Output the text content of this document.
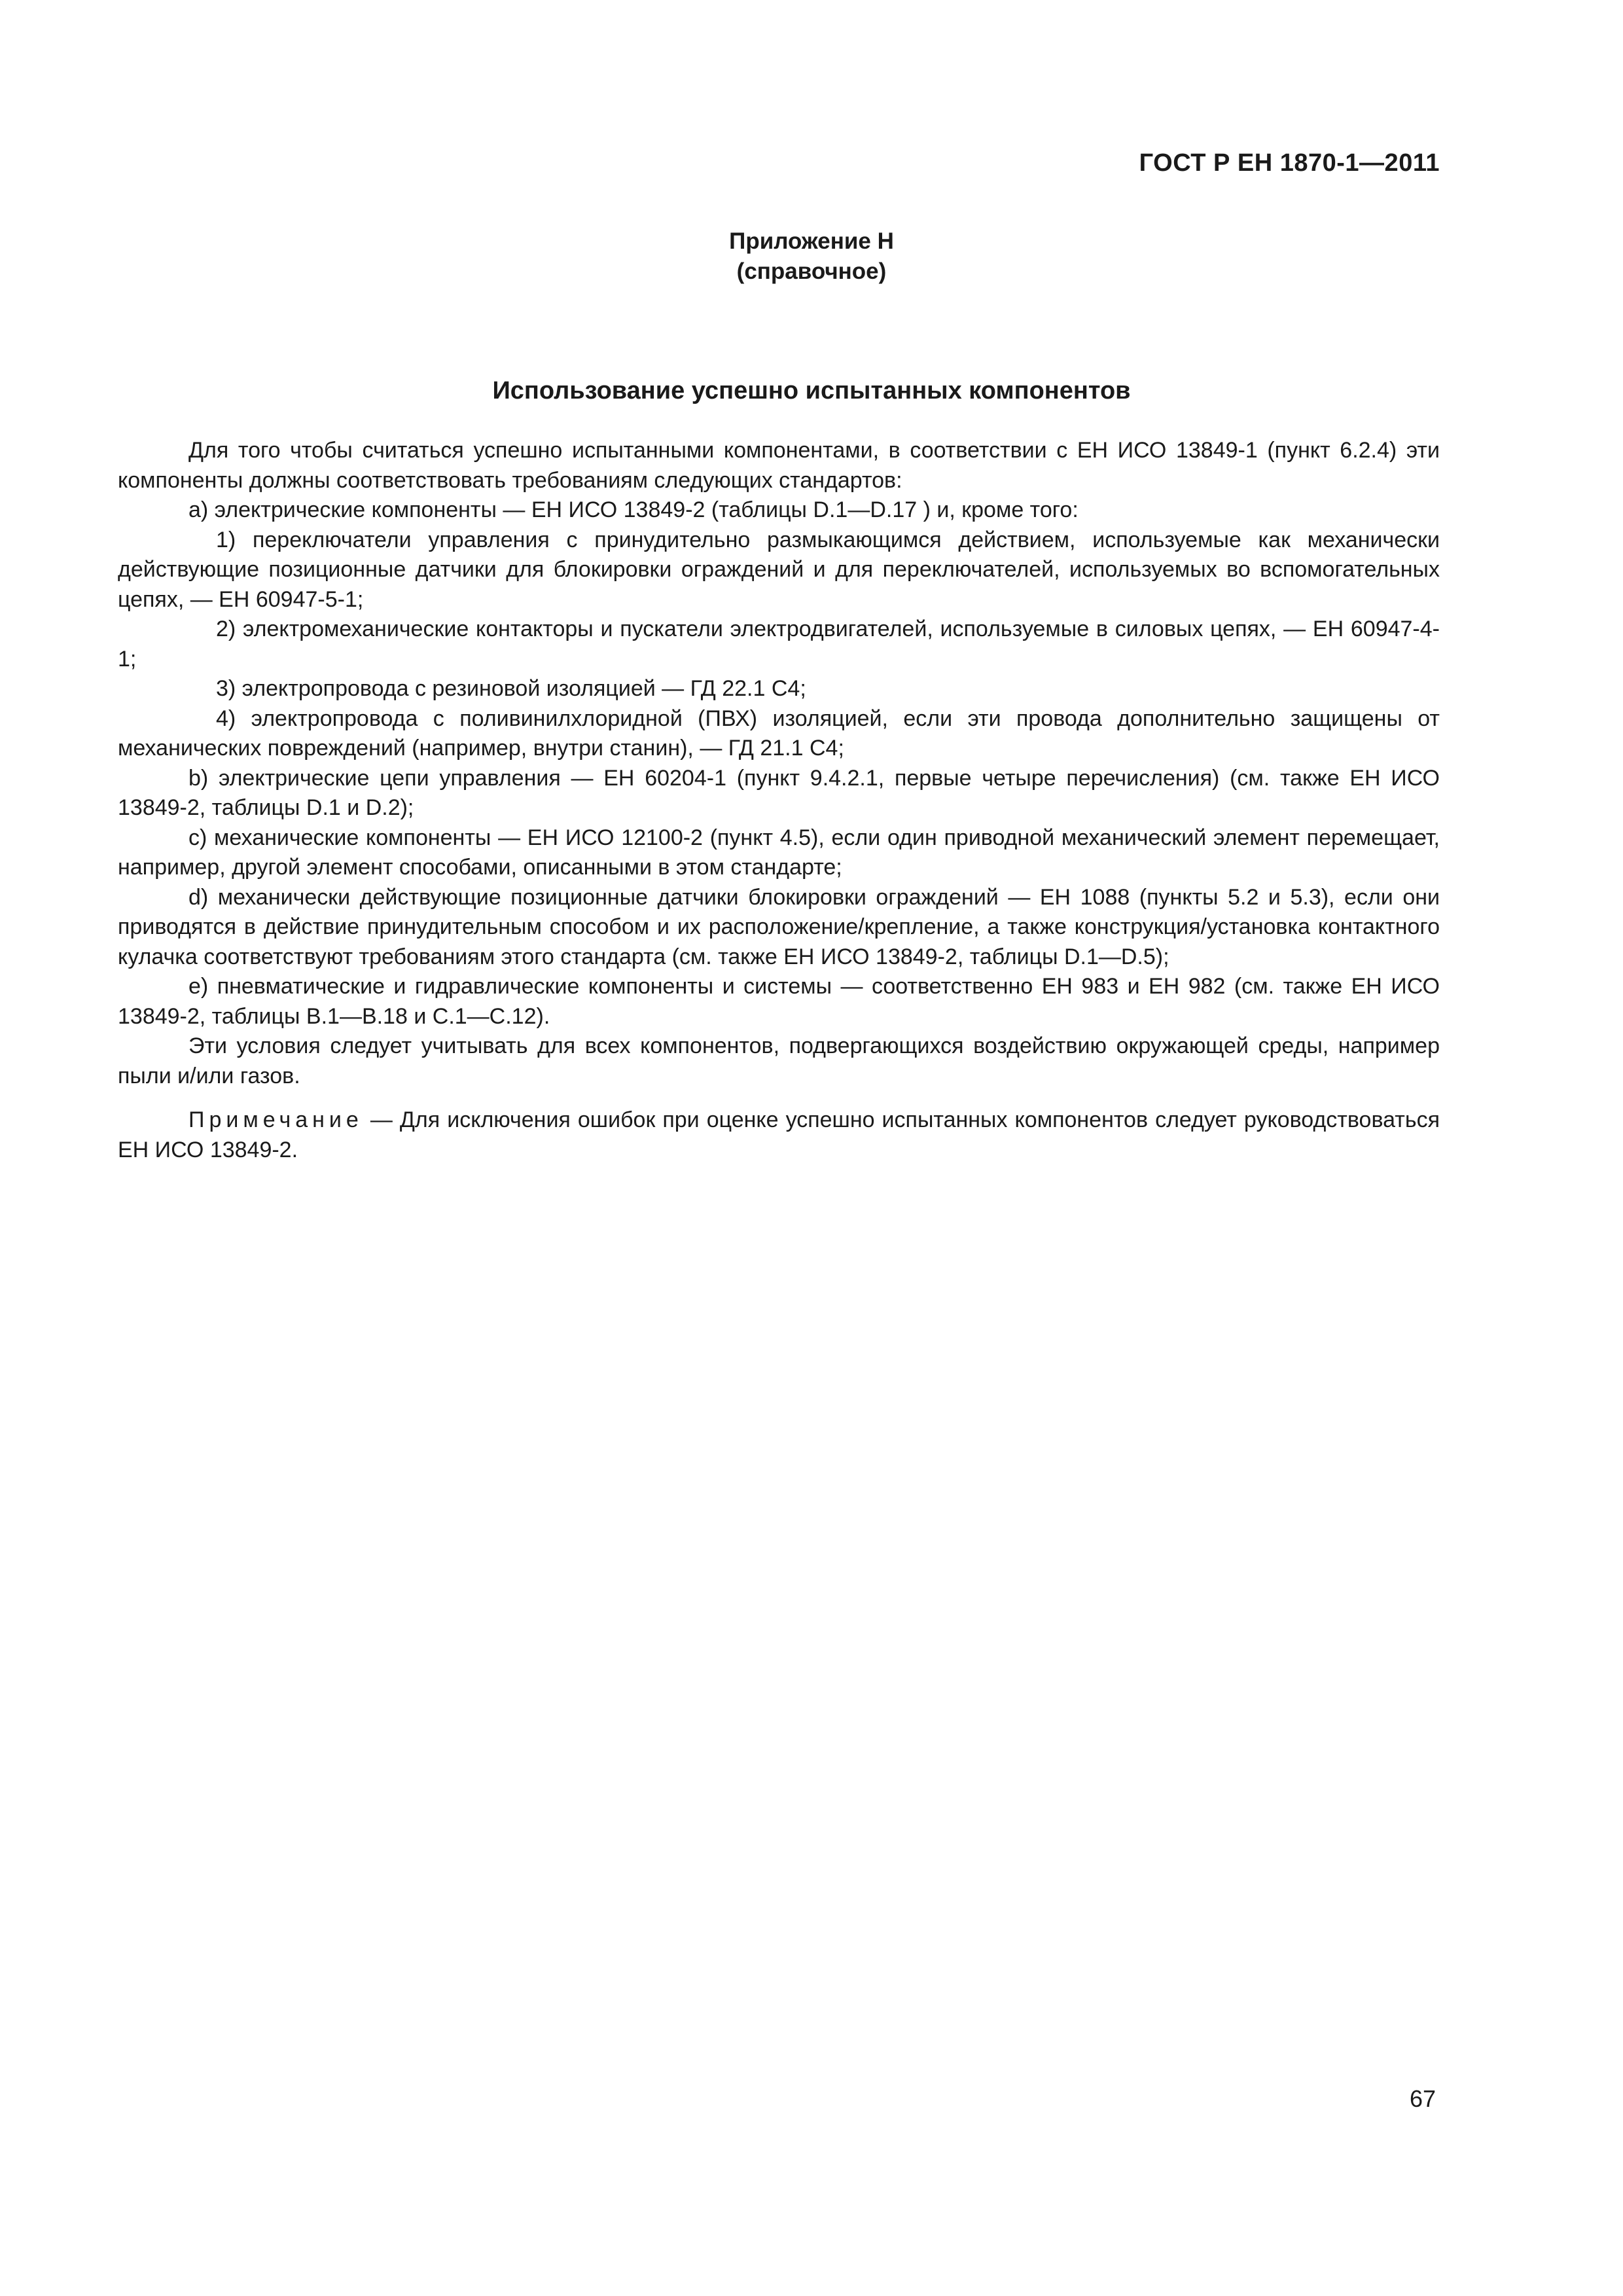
ГОСТ Р ЕН 1870-1—2011
Приложение Н
(справочное)
Использование успешно испытанных компонентов

Для того чтобы считаться успешно испытанными компонентами, в соответствии с ЕН ИСО 13849-1 (пункт 6.2.4) эти компоненты должны соответствовать требованиям следующих стандартов:

а) электрические компоненты — ЕН ИСО 13849-2 (таблицы D.1—D.17 ) и, кроме того:

1) переключатели управления с принудительно размыкающимся действием, используемые как механически действующие позиционные датчики для блокировки ограждений и для переключателей, используемых во вспомогательных цепях, — ЕН 60947-5-1;

2) электромеханические контакторы и пускатели электродвигателей, используемые в силовых цепях, — ЕН 60947-4-1;

3) электропровода с резиновой изоляцией — ГД 22.1 С4;

4) электропровода с поливинилхлоридной (ПВХ) изоляцией, если эти провода дополнительно защищены от механических повреждений (например, внутри станин), — ГД 21.1 С4;

b) электрические цепи управления — ЕН 60204-1 (пункт 9.4.2.1, первые четыре перечисления) (см. также ЕН ИСО 13849-2, таблицы D.1 и D.2);

c) механические компоненты — ЕН ИСО 12100-2 (пункт 4.5), если один приводной механический элемент перемещает, например, другой элемент способами, описанными в этом стандарте;

d) механически действующие позиционные датчики блокировки ограждений — ЕН 1088 (пункты 5.2 и 5.3), если они приводятся в действие принудительным способом и их расположение/крепление, а также конструкция/установка контактного кулачка соответствуют требованиям этого стандарта (см. также ЕН ИСО 13849-2, таблицы D.1—D.5);

e) пневматические и гидравлические компоненты и системы — соответственно ЕН 983 и ЕН 982 (см. также ЕН ИСО 13849-2, таблицы В.1—В.18 и С.1—С.12).

Эти условия следует учитывать для всех компонентов, подвергающихся воздействию окружающей среды, например пыли и/или газов.

Примечание — Для исключения ошибок при оценке успешно испытанных компонентов следует руководствоваться ЕН ИСО 13849-2.

67
